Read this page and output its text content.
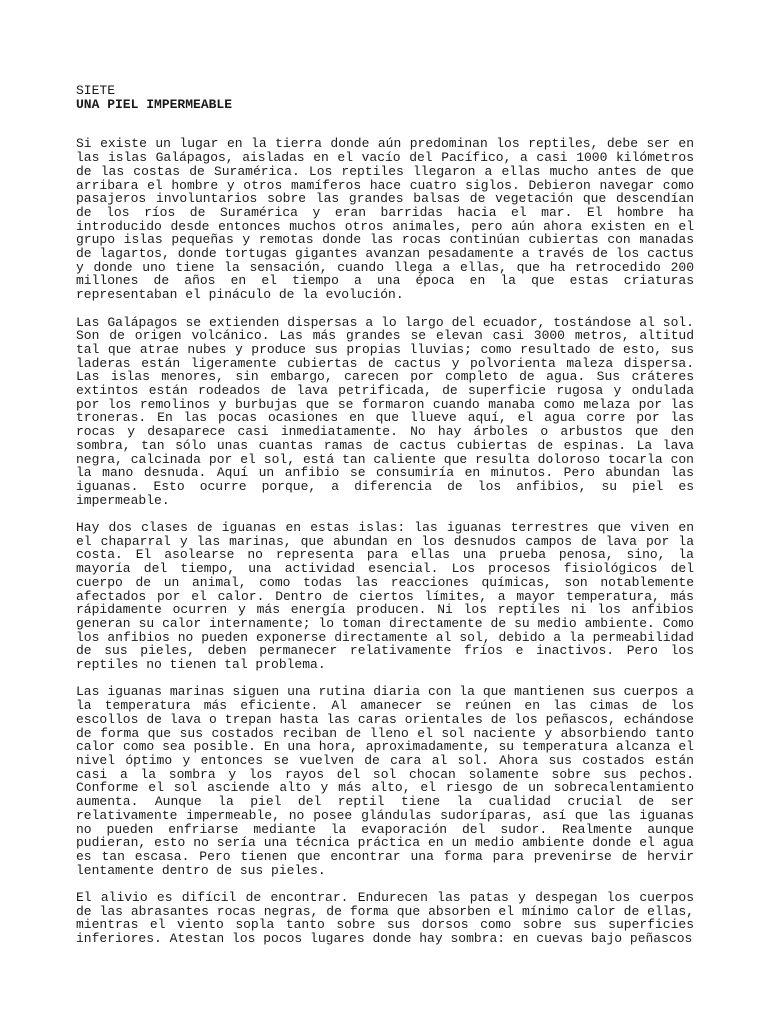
SIETE

UNA PIEL IMPERMEABLE

Si existe un lugar en la tierra donde aún predominan los reptiles, debe ser en las islas Galápagos, aisladas en el vacío del Pacífico, a casi 1000 kilómetros de las costas de Suramérica. Los reptiles llegaron a ellas mucho antes de que arribara el hombre y otros mamíferos hace cuatro siglos. Debieron navegar como pasajeros involuntarios sobre las grandes balsas de vegetación que descendían de los ríos de Suramérica y eran barridas hacia el mar. El hombre ha introducido desde entonces muchos otros animales, pero aún ahora existen en el grupo islas pequeñas y remotas donde las rocas continúan cubiertas con manadas de lagartos, donde tortugas gigantes avanzan pesadamente a través de los cactus y donde uno tiene la sensación, cuando llega a ellas, que ha retrocedido 200 millones de años en el tiempo a una época en la que estas criaturas representaban el pináculo de la evolución.

Las Galápagos se extienden dispersas a lo largo del ecuador, tostándose al sol. Son de origen volcánico. Las más grandes se elevan casi 3000 metros, altitud tal que atrae nubes y produce sus propias lluvias; como resultado de esto, sus laderas están ligeramente cubiertas de cactus y polvorienta maleza dispersa. Las islas menores, sin embargo, carecen por completo de agua. Sus cráteres extintos están rodeados de lava petrificada, de superficie rugosa y ondulada por los remolinos y burbujas que se formaron cuando manaba como melaza por las troneras. En las pocas ocasiones en que llueve aquí, el agua corre por las rocas y desaparece casi inmediatamente. No hay árboles o arbustos que den sombra, tan sólo unas cuantas ramas de cactus cubiertas de espinas. La lava negra, calcinada por el sol, está tan caliente que resulta doloroso tocarla con la mano desnuda. Aquí un anfibio se consumiría en minutos. Pero abundan las iguanas. Esto ocurre porque, a diferencia de los anfibios, su piel es impermeable.

Hay dos clases de iguanas en estas islas: las iguanas terrestres que viven en el chaparral y las marinas, que abundan en los desnudos campos de lava por la costa. El asolearse no representa para ellas una prueba penosa, sino, la mayoría del tiempo, una actividad esencial. Los procesos fisiológicos del cuerpo de un animal, como todas las reacciones químicas, son notablemente afectados por el calor. Dentro de ciertos límites, a mayor temperatura, más rápidamente ocurren y más energía producen. Ni los reptiles ni los anfibios generan su calor internamente; lo toman directamente de su medio ambiente. Como los anfibios no pueden exponerse directamente al sol, debido a la permeabilidad de sus pieles, deben permanecer relativamente fríos e inactivos. Pero los reptiles no tienen tal problema.

Las iguanas marinas siguen una rutina diaria con la que mantienen sus cuerpos a la temperatura más eficiente. Al amanecer se reúnen en las cimas de los escollos de lava o trepan hasta las caras orientales de los peñascos, echándose de forma que sus costados reciban de lleno el sol naciente y absorbiendo tanto calor como sea posible. En una hora, aproximadamente, su temperatura alcanza el nivel óptimo y entonces se vuelven de cara al sol. Ahora sus costados están casi a la sombra y los rayos del sol chocan solamente sobre sus pechos. Conforme el sol asciende alto y más alto, el riesgo de un sobrecalentamiento aumenta. Aunque la piel del reptil tiene la cualidad crucial de ser relativamente impermeable, no posee glándulas sudoríparas, así que las iguanas no pueden enfriarse mediante la evaporación del sudor. Realmente aunque pudieran, esto no sería una técnica práctica en un medio ambiente donde el agua es tan escasa. Pero tienen que encontrar una forma para prevenirse de hervir lentamente dentro de sus pieles.

El alivio es difícil de encontrar. Endurecen las patas y despegan los cuerpos de las abrasantes rocas negras, de forma que absorben el mínimo calor de ellas, mientras el viento sopla tanto sobre sus dorsos como sobre sus superficies inferiores. Atestan los pocos lugares donde hay sombra: en cuevas bajo peñascos
